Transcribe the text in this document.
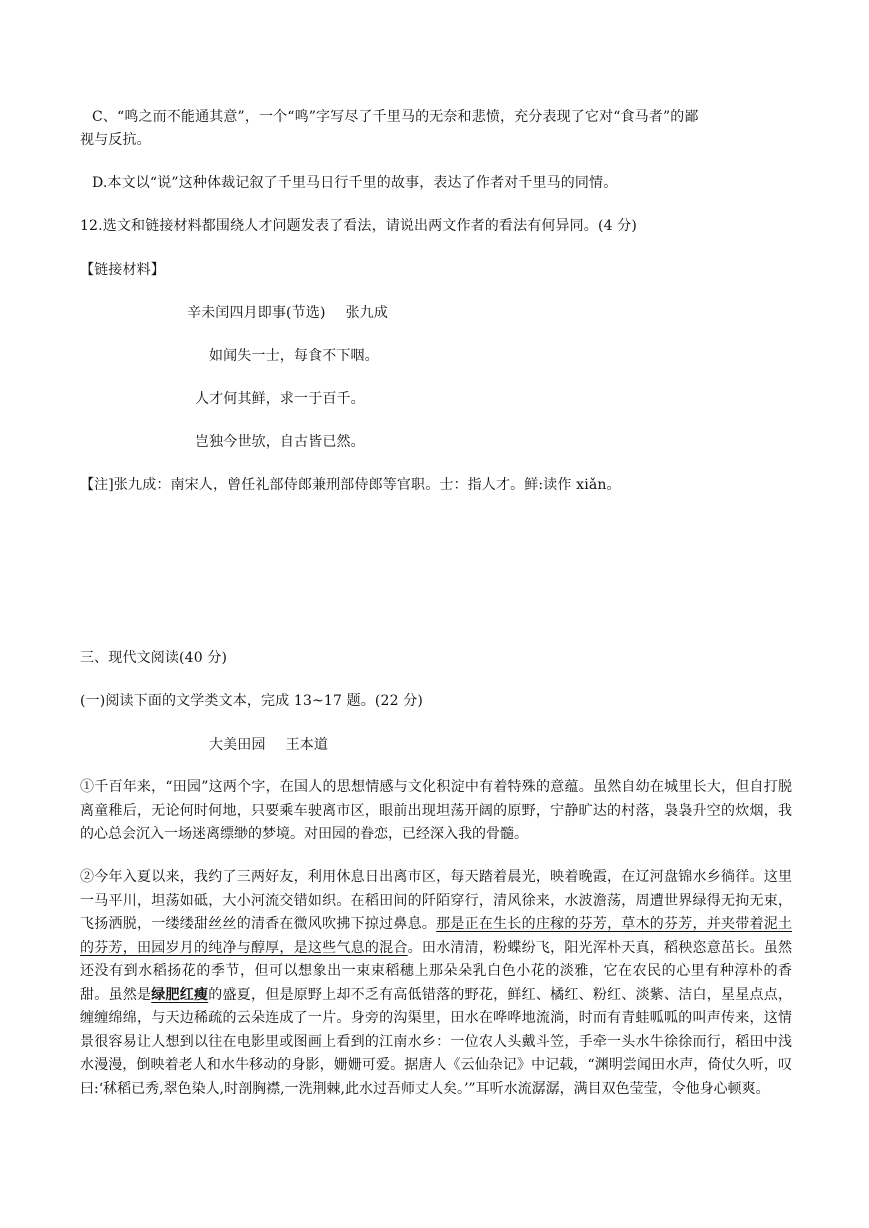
C、“鸣之而不能通其意”，一个“鸣”字写尽了千里马的无奈和悲愤，充分表现了它对“食马者”的鄙
视与反抗。
D.本文以“说”这种体裁记叙了千里马日行千里的故事，表达了作者对千里马的同情。
12.选文和链接材料都围绕人才问题发表了看法，请说出两文作者的看法有何异同。(4 分)
【链接材料】
辛未闰四月即事(节选) 张九成
如闻失一士，每食不下咽。
人才何其鲜，求一于百千。
岂独今世欤，自古皆已然。
【注]张九成：南宋人，曾任礼部侍郎兼刑部侍郎等官职。士：指人才。鲜:读作 xiǎn。
三、现代文阅读(40 分)
(一)阅读下面的文学类文本，完成 13~17 题。(22 分)
大美田园 王本道
①千百年来，“田园”这两个字，在国人的思想情感与文化积淀中有着特殊的意蕴。虽然自幼在城里长大，但自打脱离童稚后，无论何时何地，只要乘车驶离市区，眼前出现坦荡开阔的原野，宁静旷达的村落，袅袅升空的炊烟，我的心总会沉入一场迷离缥缈的梦境。对田园的眷恋，已经深入我的骨髓。
②今年入夏以来，我约了三两好友，利用休息日出离市区，每天踏着晨光，映着晚霞，在辽河盘锦水乡徜徉。这里一马平川，坦荡如砥，大小河流交错如织。在稻田间的阡陌穿行，清风徐来，水波澹荡，周遭世界绿得无拘无束，飞扬洒脱，一缕缕甜丝丝的清香在微风吹拂下掠过鼻息。那是正在生长的庄稼的芬芳，草木的芬芳，并夹带着泥土的芬芳，田园岁月的纯净与醇厚，是这些气息的混合。田水清清，粉蝶纷飞，阳光浑朴天真，稻秧恣意茁长。虽然还没有到水稻扬花的季节，但可以想象出一束束稻穗上那朵朵乳白色小花的淡雅，它在农民的心里有种淳朴的香甜。虽然是绿肥红瘦的盛夏，但是原野上却不乏有高低错落的野花，鲜红、橘红、粉红、淡紫、洁白，星星点点，缠缠绵绵，与天边稀疏的云朵连成了一片。身旁的沟渠里，田水在哗哗地流淌，时而有青蛙呱呱的叫声传来，这情景很容易让人想到以往在电影里或图画上看到的江南水乡：一位农人头戴斗笠，手牵一头水牛徐徐而行，稻田中浅水漫漫，倒映着老人和水牛移动的身影，姗姗可爱。据唐人《云仙杂记》中记载，“渊明尝闻田水声，倚仗久听，叹曰:‘秫稻已秀,翠色染人,时剖胸襟,一洗荆棘,此水过吾师丈人矣。’”耳听水流潺潺，满目双色莹莹，令他身心顿爽。
